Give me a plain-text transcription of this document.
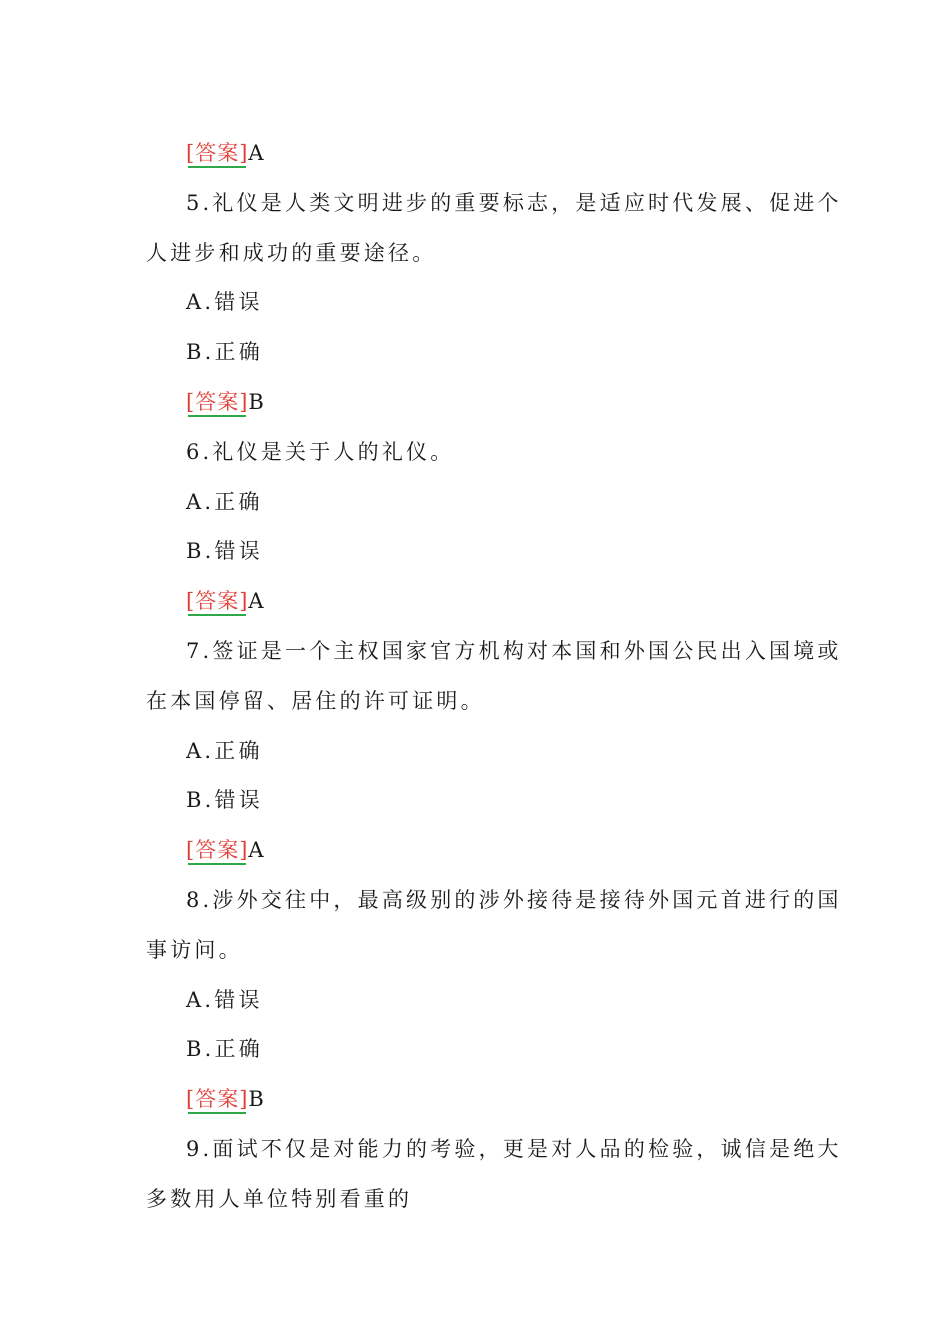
[答案]A
5.礼仪是人类文明进步的重要标志，是适应时代发展、促进个
人进步和成功的重要途径。
A.错误
B.正确
[答案]B
6.礼仪是关于人的礼仪。
A.正确
B.错误
[答案]A
7.签证是一个主权国家官方机构对本国和外国公民出入国境或
在本国停留、居住的许可证明。
A.正确
B.错误
[答案]A
8.涉外交往中，最高级别的涉外接待是接待外国元首进行的国
事访问。
A.错误
B.正确
[答案]B
9.面试不仅是对能力的考验，更是对人品的检验，诚信是绝大
多数用人单位特别看重的
